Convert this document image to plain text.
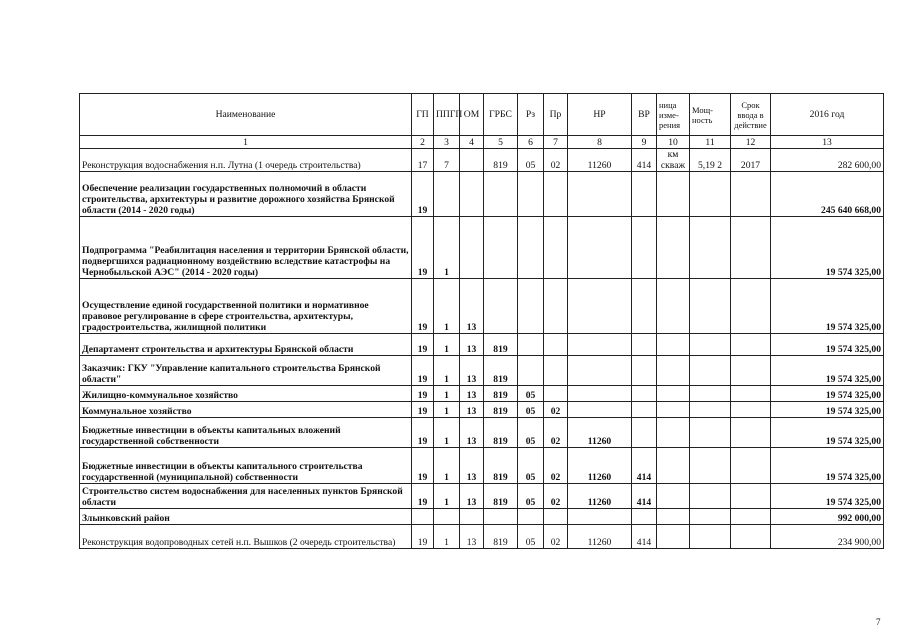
Наименование	ГП	ППГП	ОМ	ГРБС	Рз	Пр	НР	ВР	ница изме-рения	Мощ-ность	Срок ввода в действие	2016 год
1	2	3	4	5	6	7	8	9	10	11	12	13
Реконструкция водоснабжения н.п. Лутна (1 очередь строительства)	17	7		819	05	02	11260	414	км скваж	5,19 2	2017	282 600,00
Обеспечение реализации государственных полномочий в области строительства, архитектуры и развитие дорожного хозяйства Брянской области (2014 - 2020 годы)	19											245 640 668,00
Подпрограмма "Реабилитация населения и территории Брянской области, подвергшихся радиационному воздействию вследствие катастрофы на Чернобыльской АЭС" (2014 - 2020 годы)	19	1										19 574 325,00
Осуществление единой государственной политики и нормативное правовое регулирование в сфере строительства, архитектуры, градостроительства, жилищной политики	19	1	13									19 574 325,00
Департамент строительства и архитектуры Брянской области	19	1	13	819								19 574 325,00
Заказчик: ГКУ "Управление капитального строительства Брянской области"	19	1	13	819								19 574 325,00
Жилищно-коммунальное хозяйство	19	1	13	819	05							19 574 325,00
Коммунальное хозяйство	19	1	13	819	05	02						19 574 325,00
Бюджетные инвестиции в объекты капитальных вложений государственной собственности	19	1	13	819	05	02	11260					19 574 325,00
Бюджетные инвестиции в объекты капитального строительства государственной (муниципальной) собственности	19	1	13	819	05	02	11260	414				19 574 325,00
Строительство систем водоснабжения для населенных пунктов Брянской области	19	1	13	819	05	02	11260	414				19 574 325,00
Злынковский район												992 000,00
Реконструкция водопроводных сетей н.п. Вышков (2 очередь строительства)	19	1	13	819	05	02	11260	414				234 900,00
7
